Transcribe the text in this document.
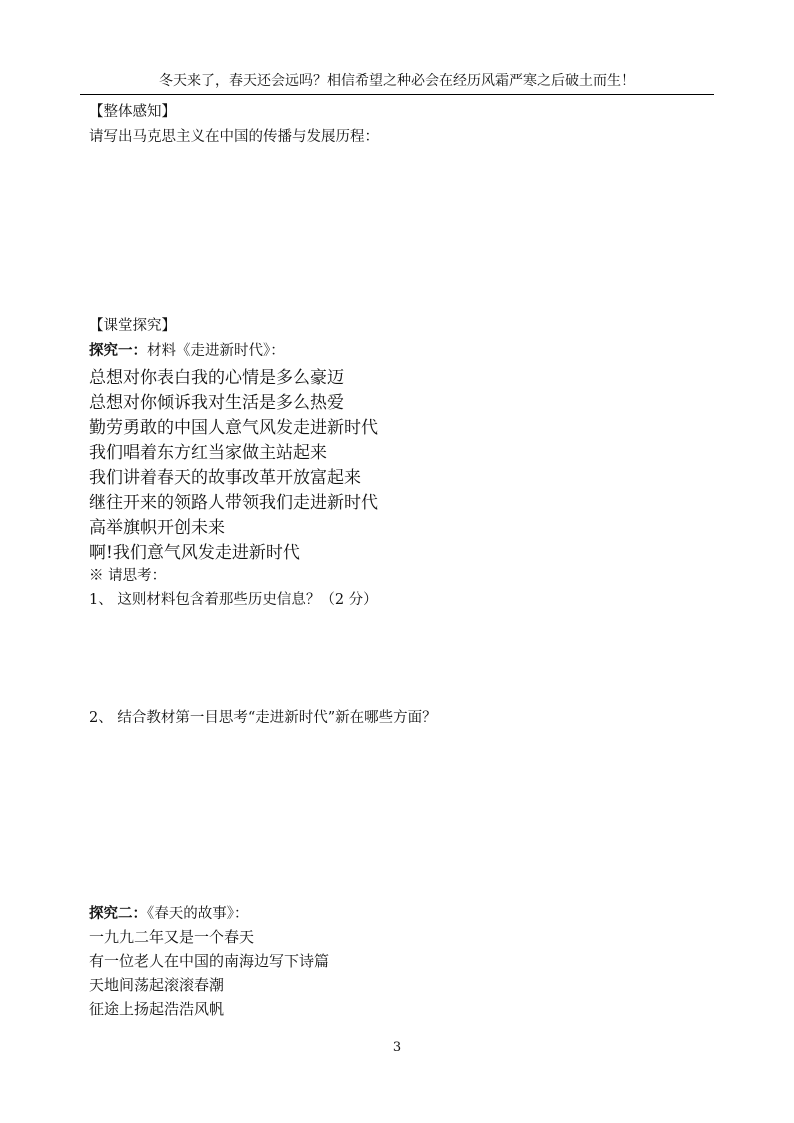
冬天来了，春天还会远吗？相信希望之种必会在经历风霜严寒之后破土而生！
【整体感知】
请写出马克思主义在中国的传播与发展历程：
【课堂探究】
探究一：材料《走进新时代》：
总想对你表白我的心情是多么豪迈
总想对你倾诉我对生活是多么热爱
勤劳勇敢的中国人意气风发走进新时代
我们唱着东方红当家做主站起来
我们讲着春天的故事改革开放富起来
继往开来的领路人带领我们走进新时代
高举旗帜开创未来
啊!我们意气风发走进新时代
※ 请思考：
1、 这则材料包含着那些历史信息？（2 分）
2、 结合教材第一目思考“走进新时代”新在哪些方面？
探究二：《春天的故事》：
一九九二年又是一个春天
有一位老人在中国的南海边写下诗篇
天地间荡起滚滚春潮
征途上扬起浩浩风帆
3
